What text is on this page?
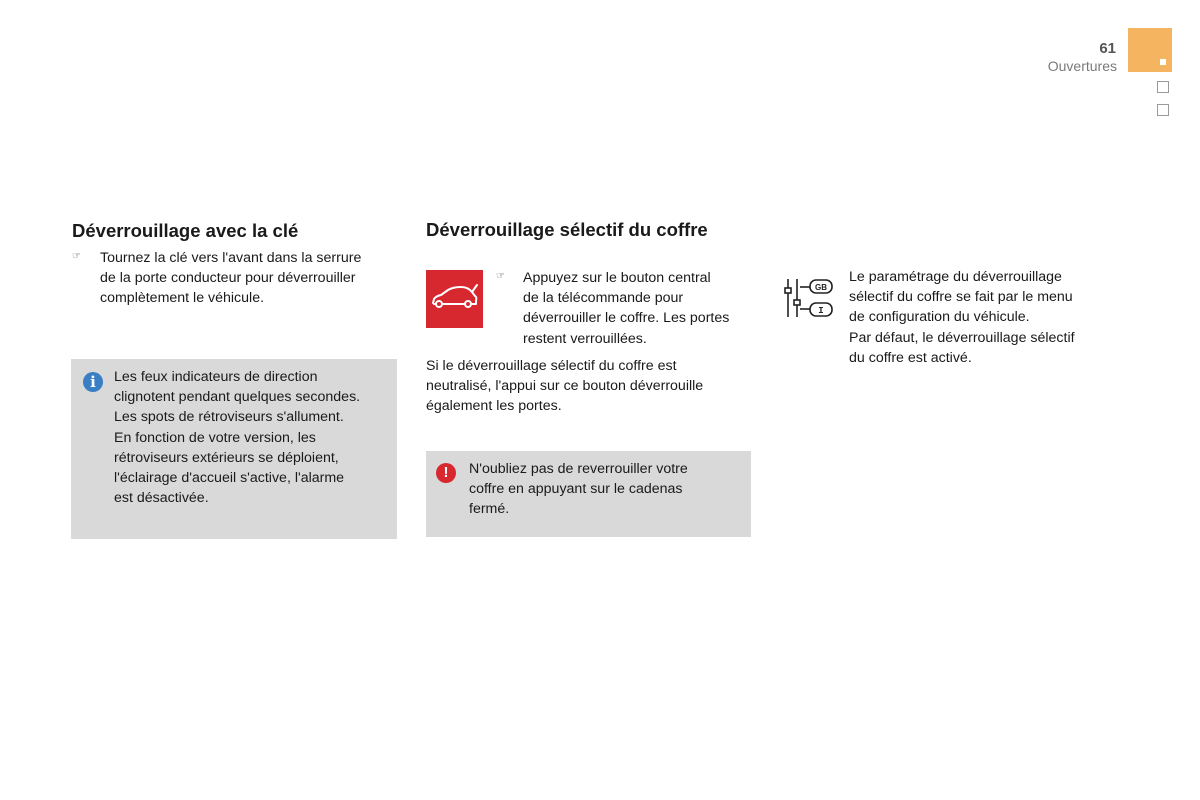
61
Ouvertures
Déverrouillage avec la clé
☞ Tournez la clé vers l'avant dans la serrure
de la porte conducteur pour déverrouiller
complètement le véhicule.
i	Les feux indicateurs de direction
clignotent pendant quelques secondes.
Les spots de rétroviseurs s'allument.
En fonction de votre version, les
rétroviseurs extérieurs se déploient,
l'éclairage d'accueil s'active, l'alarme
est désactivée.
Déverrouillage sélectif du coffre
☞ Appuyez sur le bouton central
de la télécommande pour
déverrouiller le coffre. Les portes
restent verrouillées.
Si le déverrouillage sélectif du coffre est
neutralisé, l'appui sur ce bouton déverrouille
également les portes.
!	N'oubliez pas de reverrouiller votre
coffre en appuyant sur le cadenas
fermé.
GB
I
Le paramétrage du déverrouillage
sélectif du coffre se fait par le menu
de configuration du véhicule.
Par défaut, le déverrouillage sélectif
du coffre est activé.
